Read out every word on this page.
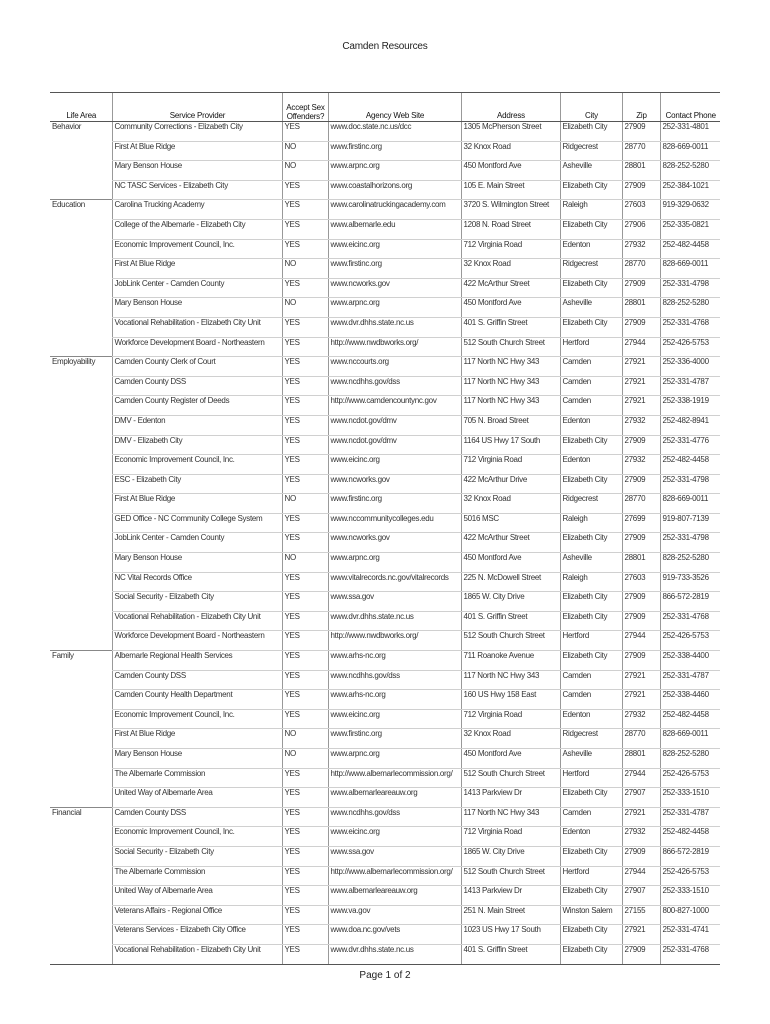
Camden Resources
Life Area	Service Provider	Accept Sex Offenders?	Agency Web Site	Address	City	Zip	Contact Phone
Behavior	Community Corrections - Elizabeth City	YES	www.doc.state.nc.us/dcc	1305 McPherson Street	Elizabeth City	27909	252-331-4801
	First At Blue Ridge	NO	www.firstinc.org	32 Knox Road	Ridgecrest	28770	828-669-0011
	Mary Benson House	NO	www.arpnc.org	450 Montford Ave	Asheville	28801	828-252-5280
	NC TASC Services - Elizabeth City	YES	www.coastalhorizons.org	105 E. Main Street	Elizabeth City	27909	252-384-1021
Education	Carolina Trucking Academy	YES	www.carolinatruckingacademy.com	3720 S. Wilmington Street	Raleigh	27603	919-329-0632
	College of the Albemarle - Elizabeth City	YES	www.albemarle.edu	1208 N. Road Street	Elizabeth City	27906	252-335-0821
	Economic Improvement Council, Inc.	YES	www.eicinc.org	712 Virginia Road	Edenton	27932	252-482-4458
	First At Blue Ridge	NO	www.firstinc.org	32 Knox Road	Ridgecrest	28770	828-669-0011
	JobLink Center - Camden County	YES	www.ncworks.gov	422 McArthur Street	Elizabeth City	27909	252-331-4798
	Mary Benson House	NO	www.arpnc.org	450 Montford Ave	Asheville	28801	828-252-5280
	Vocational Rehabilitation - Elizabeth City Unit	YES	www.dvr.dhhs.state.nc.us	401 S. Griffin Street	Elizabeth City	27909	252-331-4768
	Workforce Development Board - Northeastern	YES	http://www.nwdbworks.org/	512 South Church Street	Hertford	27944	252-426-5753
Employability	Camden County Clerk of Court	YES	www.nccourts.org	117 North NC Hwy 343	Camden	27921	252-336-4000
	Camden County DSS	YES	www.ncdhhs.gov/dss	117 North NC Hwy 343	Camden	27921	252-331-4787
	Camden County Register of Deeds	YES	http://www.camdencountync.gov	117 North NC Hwy 343	Camden	27921	252-338-1919
	DMV - Edenton	YES	www.ncdot.gov/dmv	705 N. Broad Street	Edenton	27932	252-482-8941
	DMV - Elizabeth City	YES	www.ncdot.gov/dmv	1164 US Hwy 17 South	Elizabeth City	27909	252-331-4776
	Economic Improvement Council, Inc.	YES	www.eicinc.org	712 Virginia Road	Edenton	27932	252-482-4458
	ESC - Elizabeth City	YES	www.ncworks.gov	422 McArthur Drive	Elizabeth City	27909	252-331-4798
	First At Blue Ridge	NO	www.firstinc.org	32 Knox Road	Ridgecrest	28770	828-669-0011
	GED Office - NC Community College System	YES	www.nccommunitycolleges.edu	5016 MSC	Raleigh	27699	919-807-7139
	JobLink Center - Camden County	YES	www.ncworks.gov	422 McArthur Street	Elizabeth City	27909	252-331-4798
	Mary Benson House	NO	www.arpnc.org	450 Montford Ave	Asheville	28801	828-252-5280
	NC Vital Records Office	YES	www.vitalrecords.nc.gov/vitalrecords	225 N. McDowell Street	Raleigh	27603	919-733-3526
	Social Security - Elizabeth City	YES	www.ssa.gov	1865 W. City Drive	Elizabeth City	27909	866-572-2819
	Vocational Rehabilitation - Elizabeth City Unit	YES	www.dvr.dhhs.state.nc.us	401 S. Griffin Street	Elizabeth City	27909	252-331-4768
	Workforce Development Board - Northeastern	YES	http://www.nwdbworks.org/	512 South Church Street	Hertford	27944	252-426-5753
Family	Albemarle Regional Health Services	YES	www.arhs-nc.org	711 Roanoke Avenue	Elizabeth City	27909	252-338-4400
	Camden County DSS	YES	www.ncdhhs.gov/dss	117 North NC Hwy 343	Camden	27921	252-331-4787
	Camden County Health Department	YES	www.arhs-nc.org	160 US Hwy 158 East	Camden	27921	252-338-4460
	Economic Improvement Council, Inc.	YES	www.eicinc.org	712 Virginia Road	Edenton	27932	252-482-4458
	First At Blue Ridge	NO	www.firstinc.org	32 Knox Road	Ridgecrest	28770	828-669-0011
	Mary Benson House	NO	www.arpnc.org	450 Montford Ave	Asheville	28801	828-252-5280
	The Albemarle Commission	YES	http://www.albemarlecommission.org/	512 South Church Street	Hertford	27944	252-426-5753
	United Way of Albemarle Area	YES	www.albemarleareauw.org	1413 Parkview Dr	Elizabeth City	27907	252-333-1510
Financial	Camden County DSS	YES	www.ncdhhs.gov/dss	117 North NC Hwy 343	Camden	27921	252-331-4787
	Economic Improvement Council, Inc.	YES	www.eicinc.org	712 Virginia Road	Edenton	27932	252-482-4458
	Social Security - Elizabeth City	YES	www.ssa.gov	1865 W. City Drive	Elizabeth City	27909	866-572-2819
	The Albemarle Commission	YES	http://www.albemarlecommission.org/	512 South Church Street	Hertford	27944	252-426-5753
	United Way of Albemarle Area	YES	www.albemarleareauw.org	1413 Parkview Dr	Elizabeth City	27907	252-333-1510
	Veterans Affairs - Regional Office	YES	www.va.gov	251 N. Main Street	Winston Salem	27155	800-827-1000
	Veterans Services - Elizabeth City Office	YES	www.doa.nc.gov/vets	1023 US Hwy 17 South	Elizabeth City	27921	252-331-4741
	Vocational Rehabilitation - Elizabeth City Unit	YES	www.dvr.dhhs.state.nc.us	401 S. Griffin Street	Elizabeth City	27909	252-331-4768
Page 1 of 2
